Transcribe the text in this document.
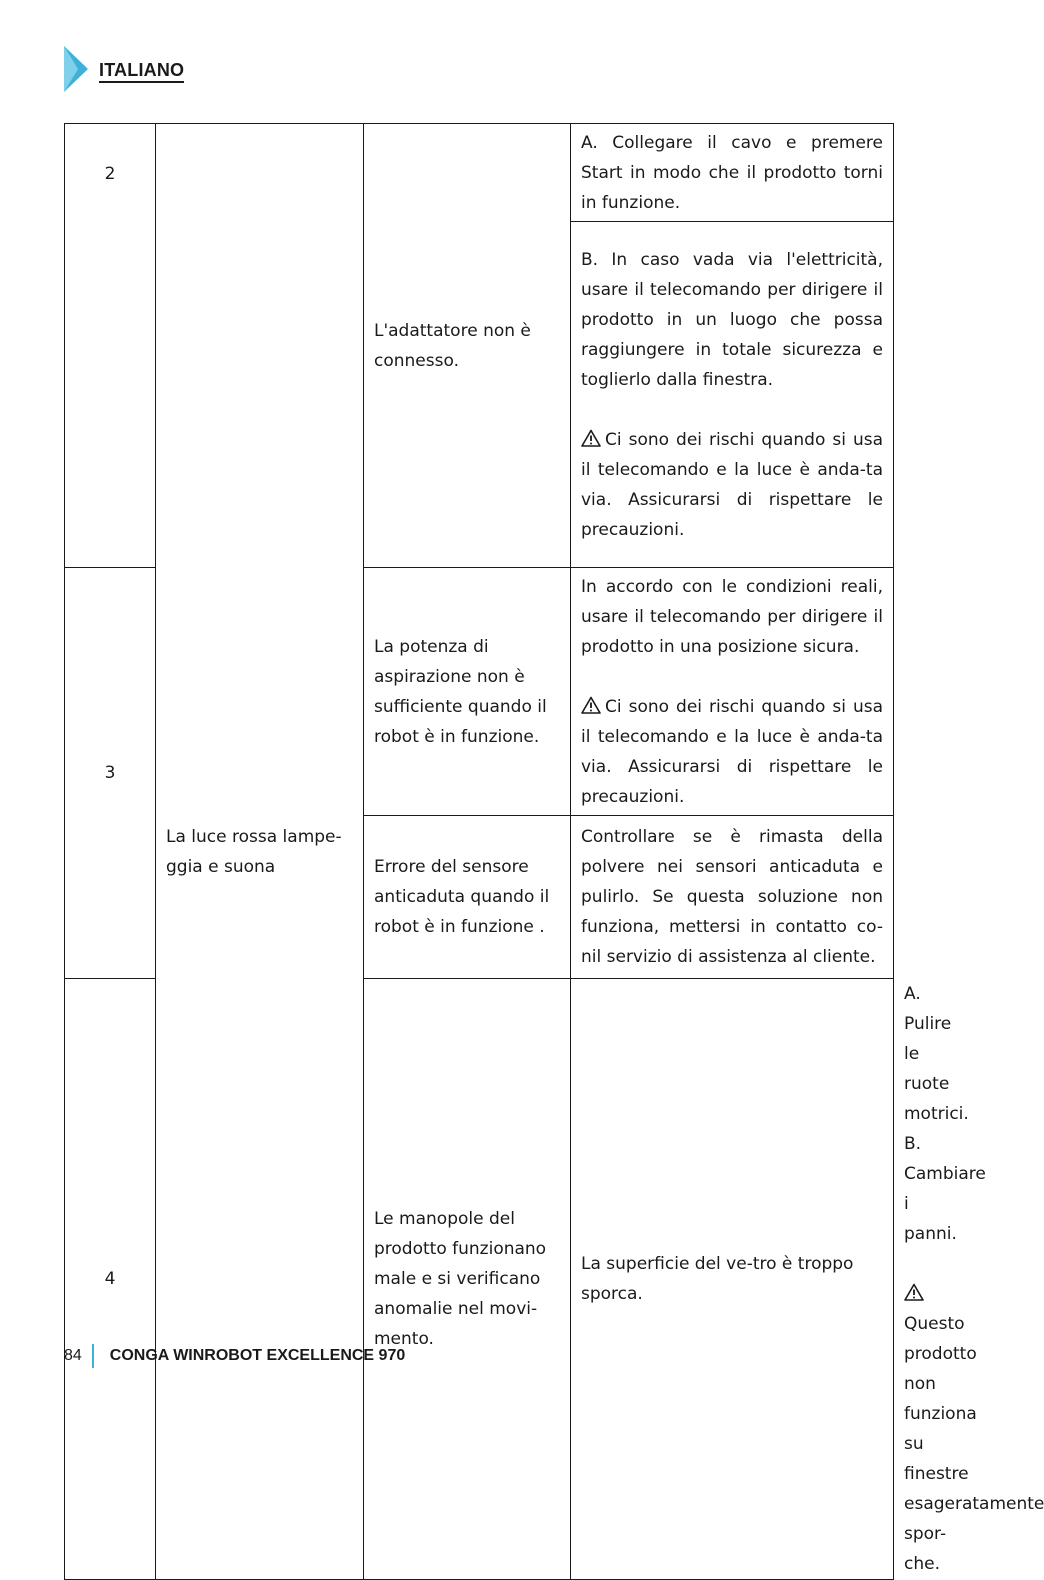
ITALIANO
2	La luce rossa lampe-ggia e suona	L'adattatore non è connesso.	A. Collegare il cavo e premere Start in modo che il prodotto torni in funzione.	

			B. In caso vada via l'elettricità, usare il telecomando per dirigere il prodotto in un luogo che possa raggiungere in totale sicurezza e toglierlo dalla finestra.

Ci sono dei rischi quando si usa il telecomando e la luce è anda-ta via. Assicurarsi di rispettare le precauzioni.	

3		La potenza di aspirazione non è sufficiente quando il robot è in funzione.	In accordo con le condizioni reali, usare il telecomando per dirigere il prodotto in una posizione sicura.

Ci sono dei rischi quando si usa il telecomando e la luce è anda-ta via. Assicurarsi di rispettare le precauzioni.	

		Errore del sensore anticaduta quando il robot è in funzione .	Controllare se è rimasta della polvere nei sensori anticaduta e pulirlo. Se questa soluzione non funziona, mettersi in contatto co-nil servizio di assistenza al cliente.	

4		Le manopole del prodotto funzionano male e si verificano anomalie nel movi-mento.	La superficie del ve-tro è troppo sporca.	A. Pulire le ruote motrici.

B. Cambiare i panni.

Questo prodotto non funziona su finestre esageratamente spor-che.

84 CONGA WINROBOT EXCELLENCE 970
